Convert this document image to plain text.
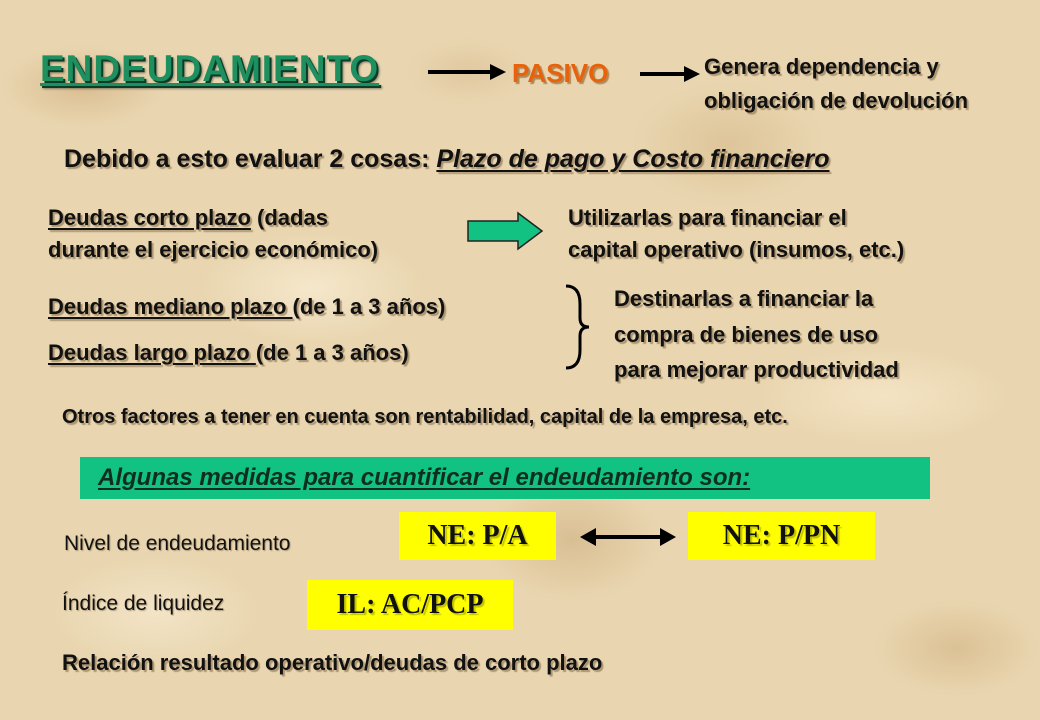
ENDEUDAMIENTO	PASIVO	Genera dependencia y
obligación de devolución
Debido a esto evaluar 2 cosas: Plazo de pago y Costo financiero
Deudas corto plazo (dadas
durante el ejercicio económico)
Utilizarlas para financiar el
capital operativo (insumos, etc.)
Deudas mediano plazo (de 1 a 3 años)
Deudas largo plazo (de 1 a 3 años)
Destinarlas a financiar la
compra de bienes de uso
para mejorar productividad
Otros factores a tener en cuenta son rentabilidad, capital de la empresa, etc.
Algunas medidas para cuantificar el endeudamiento son:
Nivel de endeudamiento	NE: P/A	NE: P/PN
Índice de liquidez	IL: AC/PCP
Relación resultado operativo/deudas de corto plazo
